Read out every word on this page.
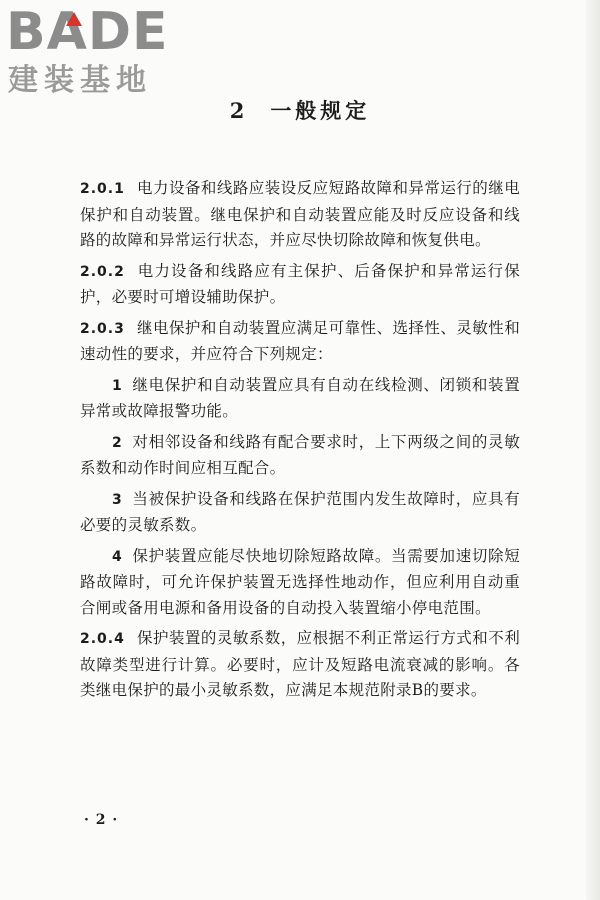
BADE
建装基地
2 一般规定

2.0.1 电力设备和线路应装设反应短路故障和异常运行的继电保护和自动装置。继电保护和自动装置应能及时反应设备和线路的故障和异常运行状态，并应尽快切除故障和恢复供电。

2.0.2 电力设备和线路应有主保护、后备保护和异常运行保护，必要时可增设辅助保护。

2.0.3 继电保护和自动装置应满足可靠性、选择性、灵敏性和速动性的要求，并应符合下列规定：

1 继电保护和自动装置应具有自动在线检测、闭锁和装置异常或故障报警功能。

2 对相邻设备和线路有配合要求时，上下两级之间的灵敏系数和动作时间应相互配合。

3 当被保护设备和线路在保护范围内发生故障时，应具有必要的灵敏系数。

4 保护装置应能尽快地切除短路故障。当需要加速切除短路故障时，可允许保护装置无选择性地动作，但应利用自动重合闸或备用电源和备用设备的自动投入装置缩小停电范围。

2.0.4 保护装置的灵敏系数，应根据不利正常运行方式和不利故障类型进行计算。必要时，应计及短路电流衰减的影响。各类继电保护的最小灵敏系数，应满足本规范附录B的要求。

· 2 ·
